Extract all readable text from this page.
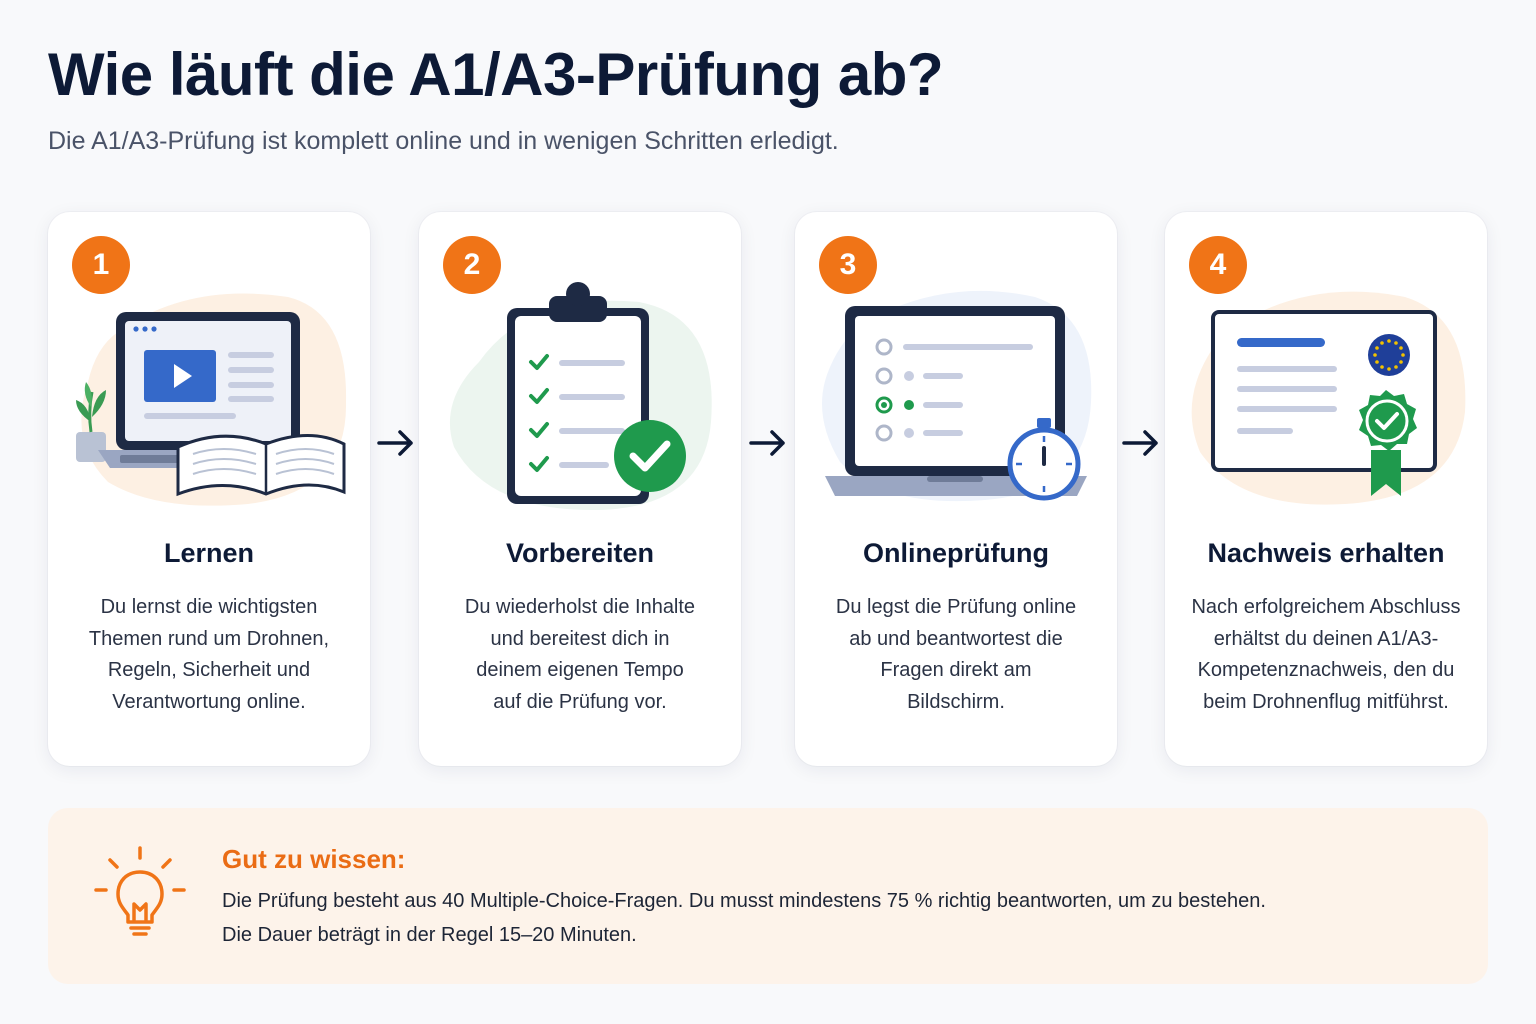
Wie läuft die A1/A3-Prüfung ab?

Die A1/A3-Prüfung ist komplett online und in wenigen Schritten erledigt.

1
Lernen
Du lernst die wichtigsten
Themen rund um Drohnen,
Regeln, Sicherheit und
Verantwortung online.
2
Vorbereiten
Du wiederholst die Inhalte
und bereitest dich in
deinem eigenen Tempo
auf die Prüfung vor.
3
Onlineprüfung
Du legst die Prüfung online
ab und beantwortest die
Fragen direkt am
Bildschirm.
4
Nachweis erhalten
Nach erfolgreichem Abschluss
erhältst du deinen A1/A3-
Kompetenznachweis, den du
beim Drohnenflug mitführst.
Gut zu wissen:
Die Prüfung besteht aus 40 Multiple-Choice-Fragen. Du musst mindestens 75 % richtig beantworten, um zu bestehen.
Die Dauer beträgt in der Regel 15–20 Minuten.
